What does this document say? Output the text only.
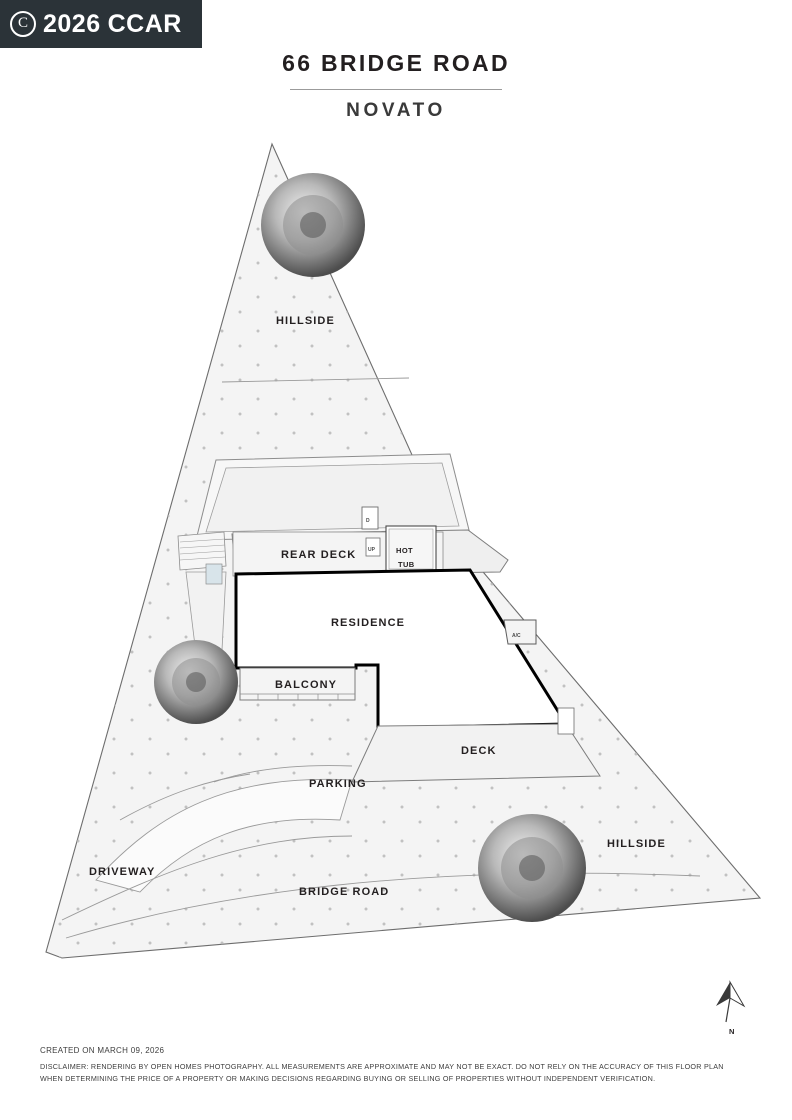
C 2026 CCAR
66 BRIDGE ROAD
NOVATO
D
UP
A/C
HILLSIDE
REAR DECK	HOT
TUB
RESIDENCE
BALCONY
DECK
PARKING
DRIVEWAY
BRIDGE ROAD
HILLSIDE
N

CREATED ON MARCH 09, 2026

DISCLAIMER: RENDERING BY OPEN HOMES PHOTOGRAPHY. ALL MEASUREMENTS ARE APPROXIMATE AND MAY NOT BE EXACT. DO NOT RELY ON THE ACCURACY OF THIS FLOOR PLAN WHEN DETERMINING THE PRICE OF A PROPERTY OR MAKING DECISIONS REGARDING BUYING OR SELLING OF PROPERTIES WITHOUT INDEPENDENT VERIFICATION.
